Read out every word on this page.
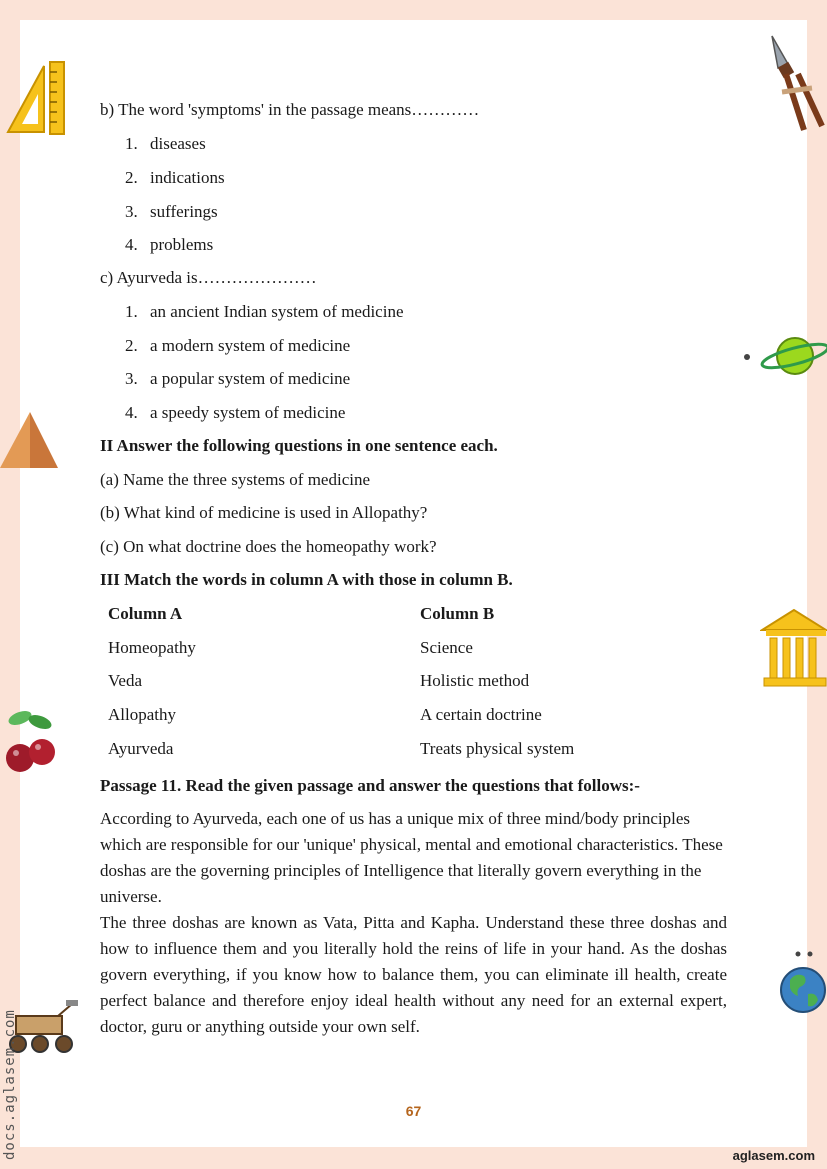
b) The word 'symptoms' in the passage means…………
1. diseases
2. indications
3. sufferings
4. problems
c) Ayurveda is…………………
1. an ancient Indian system of medicine
2. a modern system of medicine
3. a popular system of medicine
4. a speedy system of medicine
II Answer the following questions in one sentence each.
(a) Name the three systems of medicine
(b) What kind of medicine is used in Allopathy?
(c) On what doctrine does the homeopathy work?
III Match the words in column A with those in column B.
Column A	Column B
Homeopathy	Science
Veda	Holistic method
Allopathy	A certain doctrine
Ayurveda	Treats physical system
Passage 11. Read the given passage and answer the questions that follows:-
According to Ayurveda, each one of us has a unique mix of three mind/body principles which are responsible for our 'unique' physical, mental and emotional characteristics. These doshas are the governing principles of Intelligence that literally govern everything in the universe.
The three doshas are known as Vata, Pitta and Kapha. Understand these three doshas and how to influence them and you literally hold the reins of life in your hand. As the doshas govern everything, if you know how to balance them, you can eliminate ill health, create perfect balance and therefore enjoy ideal health without any need for an external expert, doctor, guru or anything outside your own self.
67
docs.aglasem.com	aglasem.com
